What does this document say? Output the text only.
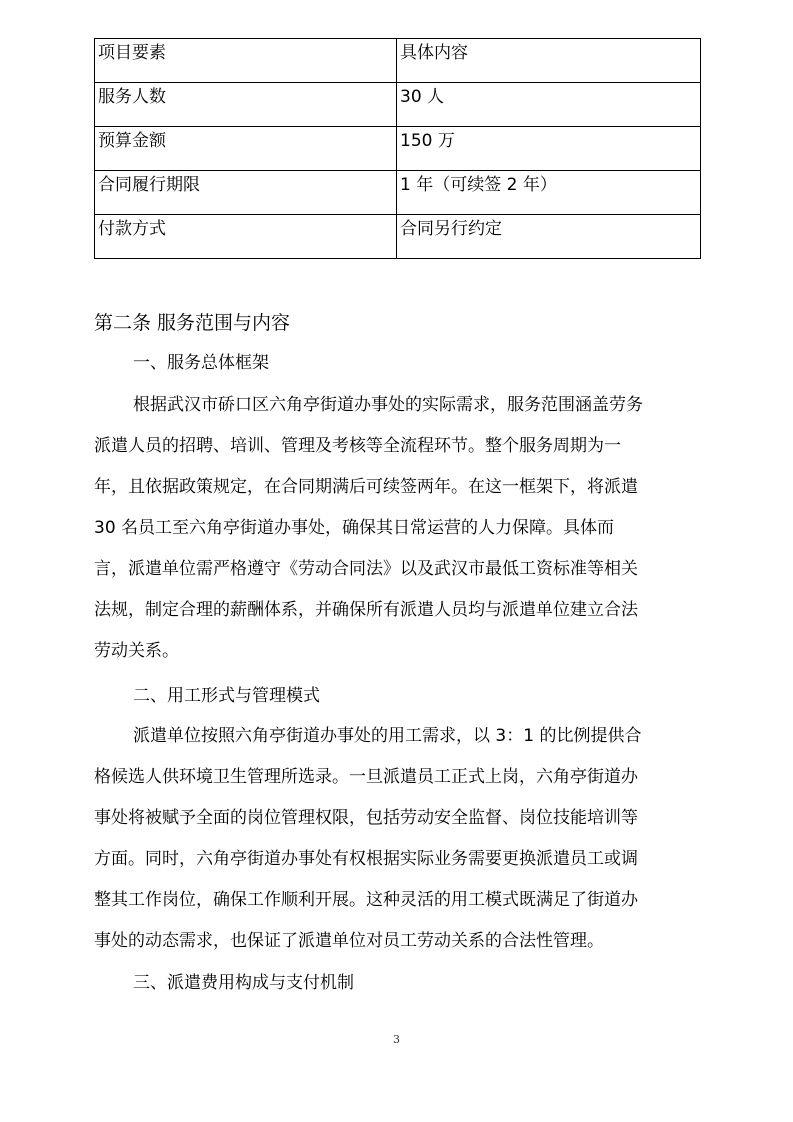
项目要素	具体内容
服务人数	30 人
预算金额	150 万
合同履行期限	1 年（可续签 2 年）
付款方式	合同另行约定
第二条 服务范围与内容
一、服务总体框架
根据武汉市硚口区六角亭街道办事处的实际需求，服务范围涵盖劳务
派遣人员的招聘、培训、管理及考核等全流程环节。整个服务周期为一
年，且依据政策规定，在合同期满后可续签两年。在这一框架下，将派遣
30 名员工至六角亭街道办事处，确保其日常运营的人力保障。具体而
言，派遣单位需严格遵守《劳动合同法》以及武汉市最低工资标准等相关
法规，制定合理的薪酬体系，并确保所有派遣人员均与派遣单位建立合法
劳动关系。
二、用工形式与管理模式
派遣单位按照六角亭街道办事处的用工需求，以 3：1 的比例提供合
格候选人供环境卫生管理所选录。一旦派遣员工正式上岗，六角亭街道办
事处将被赋予全面的岗位管理权限，包括劳动安全监督、岗位技能培训等
方面。同时，六角亭街道办事处有权根据实际业务需要更换派遣员工或调
整其工作岗位，确保工作顺利开展。这种灵活的用工模式既满足了街道办
事处的动态需求，也保证了派遣单位对员工劳动关系的合法性管理。
三、派遣费用构成与支付机制
3
